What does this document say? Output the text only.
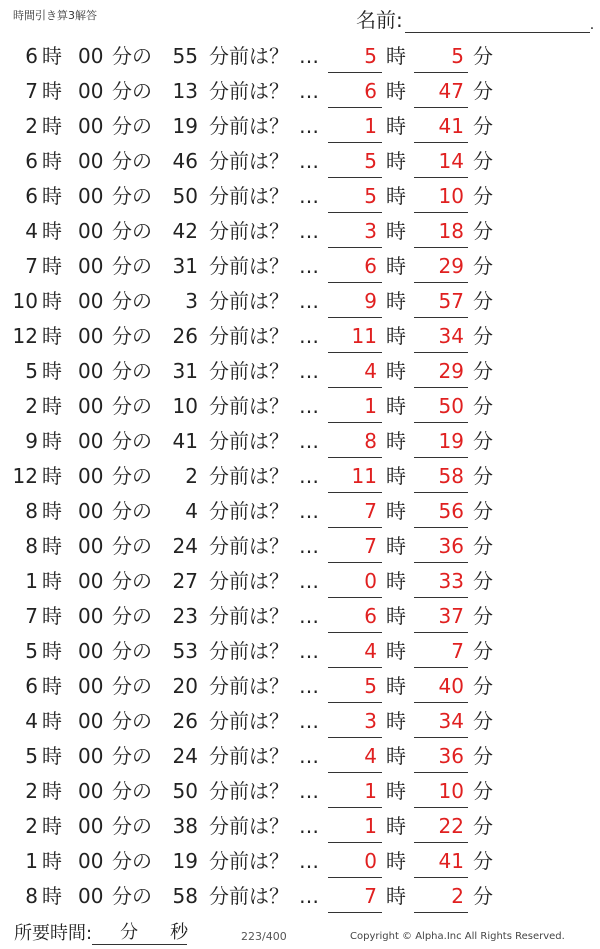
時間引き算3解答	名前:	.
6 時 00 分の	55 分前は？ …	5 時	5 分
7 時 00 分の	13 分前は？ …	6 時	47 分
2 時 00 分の	19 分前は？ …	1 時	41 分
6 時 00 分の	46 分前は？ …	5 時	14 分
6 時 00 分の	50 分前は？ …	5 時	10 分
4 時 00 分の	42 分前は？ …	3 時	18 分
7 時 00 分の	31 分前は？ …	6 時	29 分
10 時 00 分の	3 分前は？ …	9 時	57 分
12 時 00 分の	26 分前は？ …	11 時	34 分
5 時 00 分の	31 分前は？ …	4 時	29 分
2 時 00 分の	10 分前は？ …	1 時	50 分
9 時 00 分の	41 分前は？ …	8 時	19 分
12 時 00 分の	2 分前は？ …	11 時	58 分
8 時 00 分の	4 分前は？ …	7 時	56 分
8 時 00 分の	24 分前は？ …	7 時	36 分
1 時 00 分の	27 分前は？ …	0 時	33 分
7 時 00 分の	23 分前は？ …	6 時	37 分
5 時 00 分の	53 分前は？ …	4 時	7 分
6 時 00 分の	20 分前は？ …	5 時	40 分
4 時 00 分の	26 分前は？ …	3 時	34 分
5 時 00 分の	24 分前は？ …	4 時	36 分
2 時 00 分の	50 分前は？ …	1 時	10 分
2 時 00 分の	38 分前は？ …	1 時	22 分
1 時 00 分の	19 分前は？ …	0 時	41 分
8 時 00 分の	58 分前は？ …	7 時	2 分
所要時間: 分 秒	223/400	Copyright © Alpha.Inc All Rights Reserved.
